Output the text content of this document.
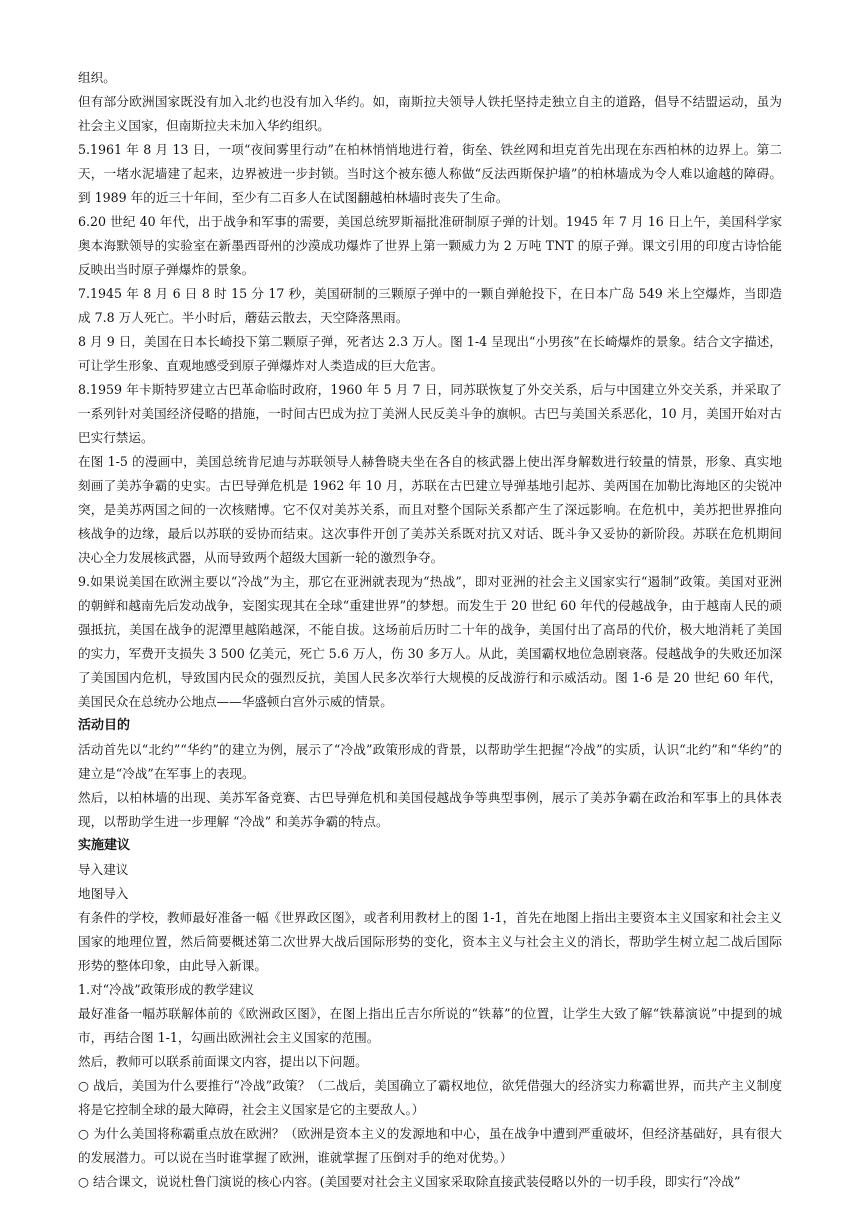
组织。

但有部分欧洲国家既没有加入北约也没有加入华约。如，南斯拉夫领导人铁托坚持走独立自主的道路，倡导不结盟运动，虽为社会主义国家，但南斯拉夫未加入华约组织。

5.1961 年 8 月 13 日，一项“夜间雾里行动”在柏林悄悄地进行着，街垒、铁丝网和坦克首先出现在东西柏林的边界上。第二天，一堵水泥墙建了起来，边界被进一步封锁。当时这个被东德人称做“反法西斯保护墙”的柏林墙成为令人难以逾越的障碍。到 1989 年的近三十年间，至少有二百多人在试图翻越柏林墙时丧失了生命。

6.20 世纪 40 年代，出于战争和军事的需要，美国总统罗斯福批准研制原子弹的计划。1945 年 7 月 16 日上午，美国科学家奥本海默领导的实验室在新墨西哥州的沙漠成功爆炸了世界上第一颗威力为 2 万吨 TNT 的原子弹。课文引用的印度古诗恰能反映出当时原子弹爆炸的景象。

7.1945 年 8 月 6 日 8 时 15 分 17 秒，美国研制的三颗原子弹中的一颗自弹舱投下，在日本广岛 549 米上空爆炸，当即造成 7.8 万人死亡。半小时后，蘑菇云散去，天空降落黑雨。

8 月 9 日，美国在日本长崎投下第二颗原子弹，死者达 2.3 万人。图 1-4 呈现出“小男孩”在长崎爆炸的景象。结合文字描述，可让学生形象、直观地感受到原子弹爆炸对人类造成的巨大危害。

8.1959 年卡斯特罗建立古巴革命临时政府，1960 年 5 月 7 日，同苏联恢复了外交关系，后与中国建立外交关系，并采取了一系列针对美国经济侵略的措施，一时间古巴成为拉丁美洲人民反美斗争的旗帜。古巴与美国关系恶化，10 月，美国开始对古巴实行禁运。

在图 1-5 的漫画中，美国总统肯尼迪与苏联领导人赫鲁晓夫坐在各自的核武器上使出浑身解数进行较量的情景，形象、真实地刻画了美苏争霸的史实。古巴导弹危机是 1962 年 10 月，苏联在古巴建立导弹基地引起苏、美两国在加勒比海地区的尖锐冲突，是美苏两国之间的一次核赌博。它不仅对美苏关系，而且对整个国际关系都产生了深远影响。在危机中，美苏把世界推向核战争的边缘，最后以苏联的妥协而结束。这次事件开创了美苏关系既对抗又对话、既斗争又妥协的新阶段。苏联在危机期间决心全力发展核武器，从而导致两个超级大国新一轮的激烈争夺。

9.如果说美国在欧洲主要以“冷战”为主，那它在亚洲就表现为“热战”，即对亚洲的社会主义国家实行“遏制”政策。美国对亚洲的朝鲜和越南先后发动战争，妄图实现其在全球“重建世界”的梦想。而发生于 20 世纪 60 年代的侵越战争，由于越南人民的顽强抵抗，美国在战争的泥潭里越陷越深，不能自拔。这场前后历时二十年的战争，美国付出了高昂的代价，极大地消耗了美国的实力，军费开支损失 3 500 亿美元，死亡 5.6 万人，伤 30 多万人。从此，美国霸权地位急剧衰落。侵越战争的失败还加深了美国国内危机，导致国内民众的强烈反抗，美国人民多次举行大规模的反战游行和示威活动。图 1-6 是 20 世纪 60 年代，美国民众在总统办公地点——华盛顿白宫外示威的情景。

活动目的

活动首先以“北约”“华约”的建立为例，展示了“冷战”政策形成的背景，以帮助学生把握“冷战”的实质，认识“北约”和“华约”的建立是“冷战”在军事上的表现。

然后，以柏林墙的出现、美苏军备竞赛、古巴导弹危机和美国侵越战争等典型事例，展示了美苏争霸在政治和军事上的具体表现，以帮助学生进一步理解 “冷战” 和美苏争霸的特点。

实施建议

导入建议

地图导入

有条件的学校，教师最好准备一幅《世界政区图》，或者利用教材上的图 1-1，首先在地图上指出主要资本主义国家和社会主义国家的地理位置，然后简要概述第二次世界大战后国际形势的变化，资本主义与社会主义的消长，帮助学生树立起二战后国际形势的整体印象，由此导入新课。

1.对“冷战”政策形成的教学建议

最好准备一幅苏联解体前的《欧洲政区图》，在图上指出丘吉尔所说的“铁幕”的位置，让学生大致了解“铁幕演说”中提到的城市，再结合图 1-1，勾画出欧洲社会主义国家的范围。

然后，教师可以联系前面课文内容，提出以下问题。

○ 战后，美国为什么要推行“冷战”政策？（二战后，美国确立了霸权地位，欲凭借强大的经济实力称霸世界，而共产主义制度将是它控制全球的最大障碍，社会主义国家是它的主要敌人。）

○ 为什么美国将称霸重点放在欧洲？（欧洲是资本主义的发源地和中心，虽在战争中遭到严重破坏，但经济基础好，具有很大的发展潜力。可以说在当时谁掌握了欧洲，谁就掌握了压倒对手的绝对优势。）

○ 结合课文，说说杜鲁门演说的核心内容。(美国要对社会主义国家采取除直接武装侵略以外的一切手段，即实行“冷战”
